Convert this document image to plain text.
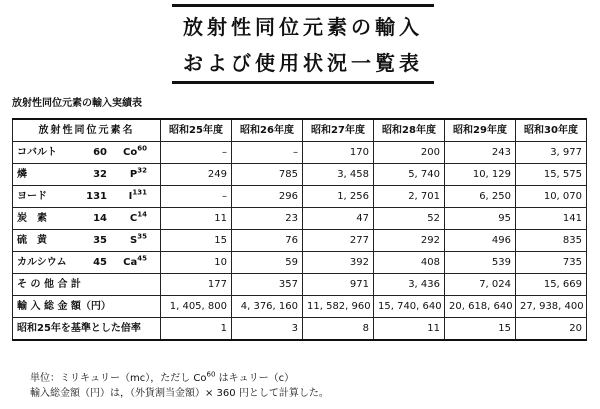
放射性同位元素の輸入
および使用状況一覧表
放射性同位元素の輸入実績表
放射性同位元素名	昭和25年度	昭和26年度	昭和27年度	昭和28年度	昭和29年度	昭和30年度
コバルト 60 Co$^{60}$	–	–	170	200	243	3, 977
燐 32 $P^{32}$	249	785	3, 458	5, 740	10, 129	15, 575
ヨード 131 $I^{131}$	–	296	1, 256	2, 701	6, 250	10, 070
炭　素 14 $C^{14}$	11	23	47	52	95	141
硫　黄 35 $S^{35}$	15	76	277	292	496	835
カルシウム 45 Ca$^{45}$	10	59	392	408	539	735
そ の 他 合 計	177	357	971	3, 436	7, 024	15, 669
輸 入 総 金 額（円）	1, 405, 800	4, 376, 160	11, 582, 960	15, 740, 640	20, 618, 640	27, 938, 400
昭和25年を基準とした倍率	1	3	8	11	15	20
単位：ミリキュリー（mc），ただし Co$^{60}$ はキュリー（c）
輸入総金額（円）は，（外貨割当金額）× 360 円として計算した。
